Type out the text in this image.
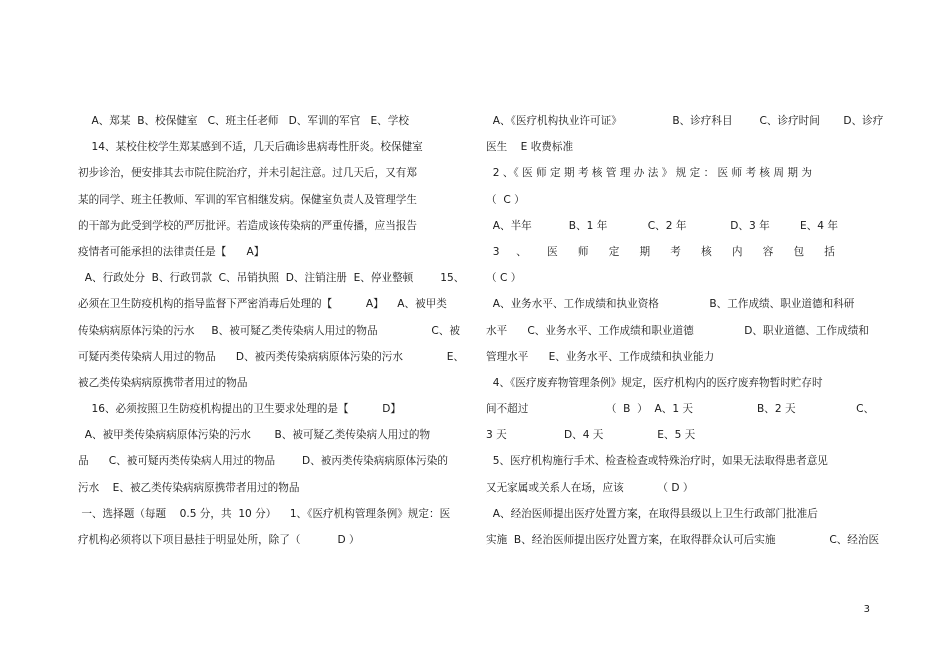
A、郑某  B、校保健室   C、班主任老师   D、军训的军官   E、学校
14、某校住校学生郑某感到不适，几天后确诊患病毒性肝炎。校保健室
初步诊治，便安排其去市院住院治疗，并未引起注意。过几天后，又有郑
某的同学、班主任教师、军训的军官相继发病。保健室负责人及管理学生
的干部为此受到学校的严厉批评。若造成该传染病的严重传播，应当报告
疫情者可能承担的法律责任是【      A】
A、行政处分  B、行政罚款  C、吊销执照  D、注销注册  E、停业整顿        15、
必须在卫生防疫机构的指导监督下严密消毒后处理的【          A】    A、被甲类
传染病病原体污染的污水     B、被可疑乙类传染病人用过的物品                C、被
可疑丙类传染病人用过的物品      D、被丙类传染病病原体污染的污水             E、
被乙类传染病病原携带者用过的物品
16、必须按照卫生防疫机构提出的卫生要求处理的是【          D】
A、被甲类传染病病原体污染的污水       B、被可疑乙类传染病人用过的物
品      C、被可疑丙类传染病人用过的物品        D、被丙类传染病病原体污染的
污水    E、被乙类传染病病原携带者用过的物品
一、选择题（每题    0.5 分，共  10 分）    1、《医疗机构管理条例》规定：医
疗机构必须将以下项目悬挂于明显处所，除了（           D ）
A、《医疗机构执业许可证》               B、诊疗科目        C、诊疗时间       D、诊疗
医生    E 收费标准
2 、《 医 师 定 期 考 核 管 理 办 法 》 规 定 ： 医 师 考 核 周 期 为
（  C ）
A、半年           B、1 年            C、2 年             D、3 年         E、4 年
3     、      医      师      定      期      考      核      内      容      包      括
（ C ）
A、业务水平、工作成绩和执业资格               B、工作成绩、职业道德和科研
水平      C、业务水平、工作成绩和职业道德               D、职业道德、工作成绩和
管理水平      E、业务水平、工作成绩和执业能力
4、《医疗废弃物管理条例》规定，医疗机构内的医疗废弃物暂时贮存时
间不超过                       （  B  ）  A、1 天                   B、2 天                  C、
3 天                 D、4 天                E、5 天
5、医疗机构施行手术、检查检查或特殊治疗时，如果无法取得患者意见
又无家属或关系人在场，应该          （ D ）
A、经治医师提出医疗处置方案，在取得县级以上卫生行政部门批准后
实施  B、经治医师提出医疗处置方案，在取得群众认可后实施                C、经治医
3
